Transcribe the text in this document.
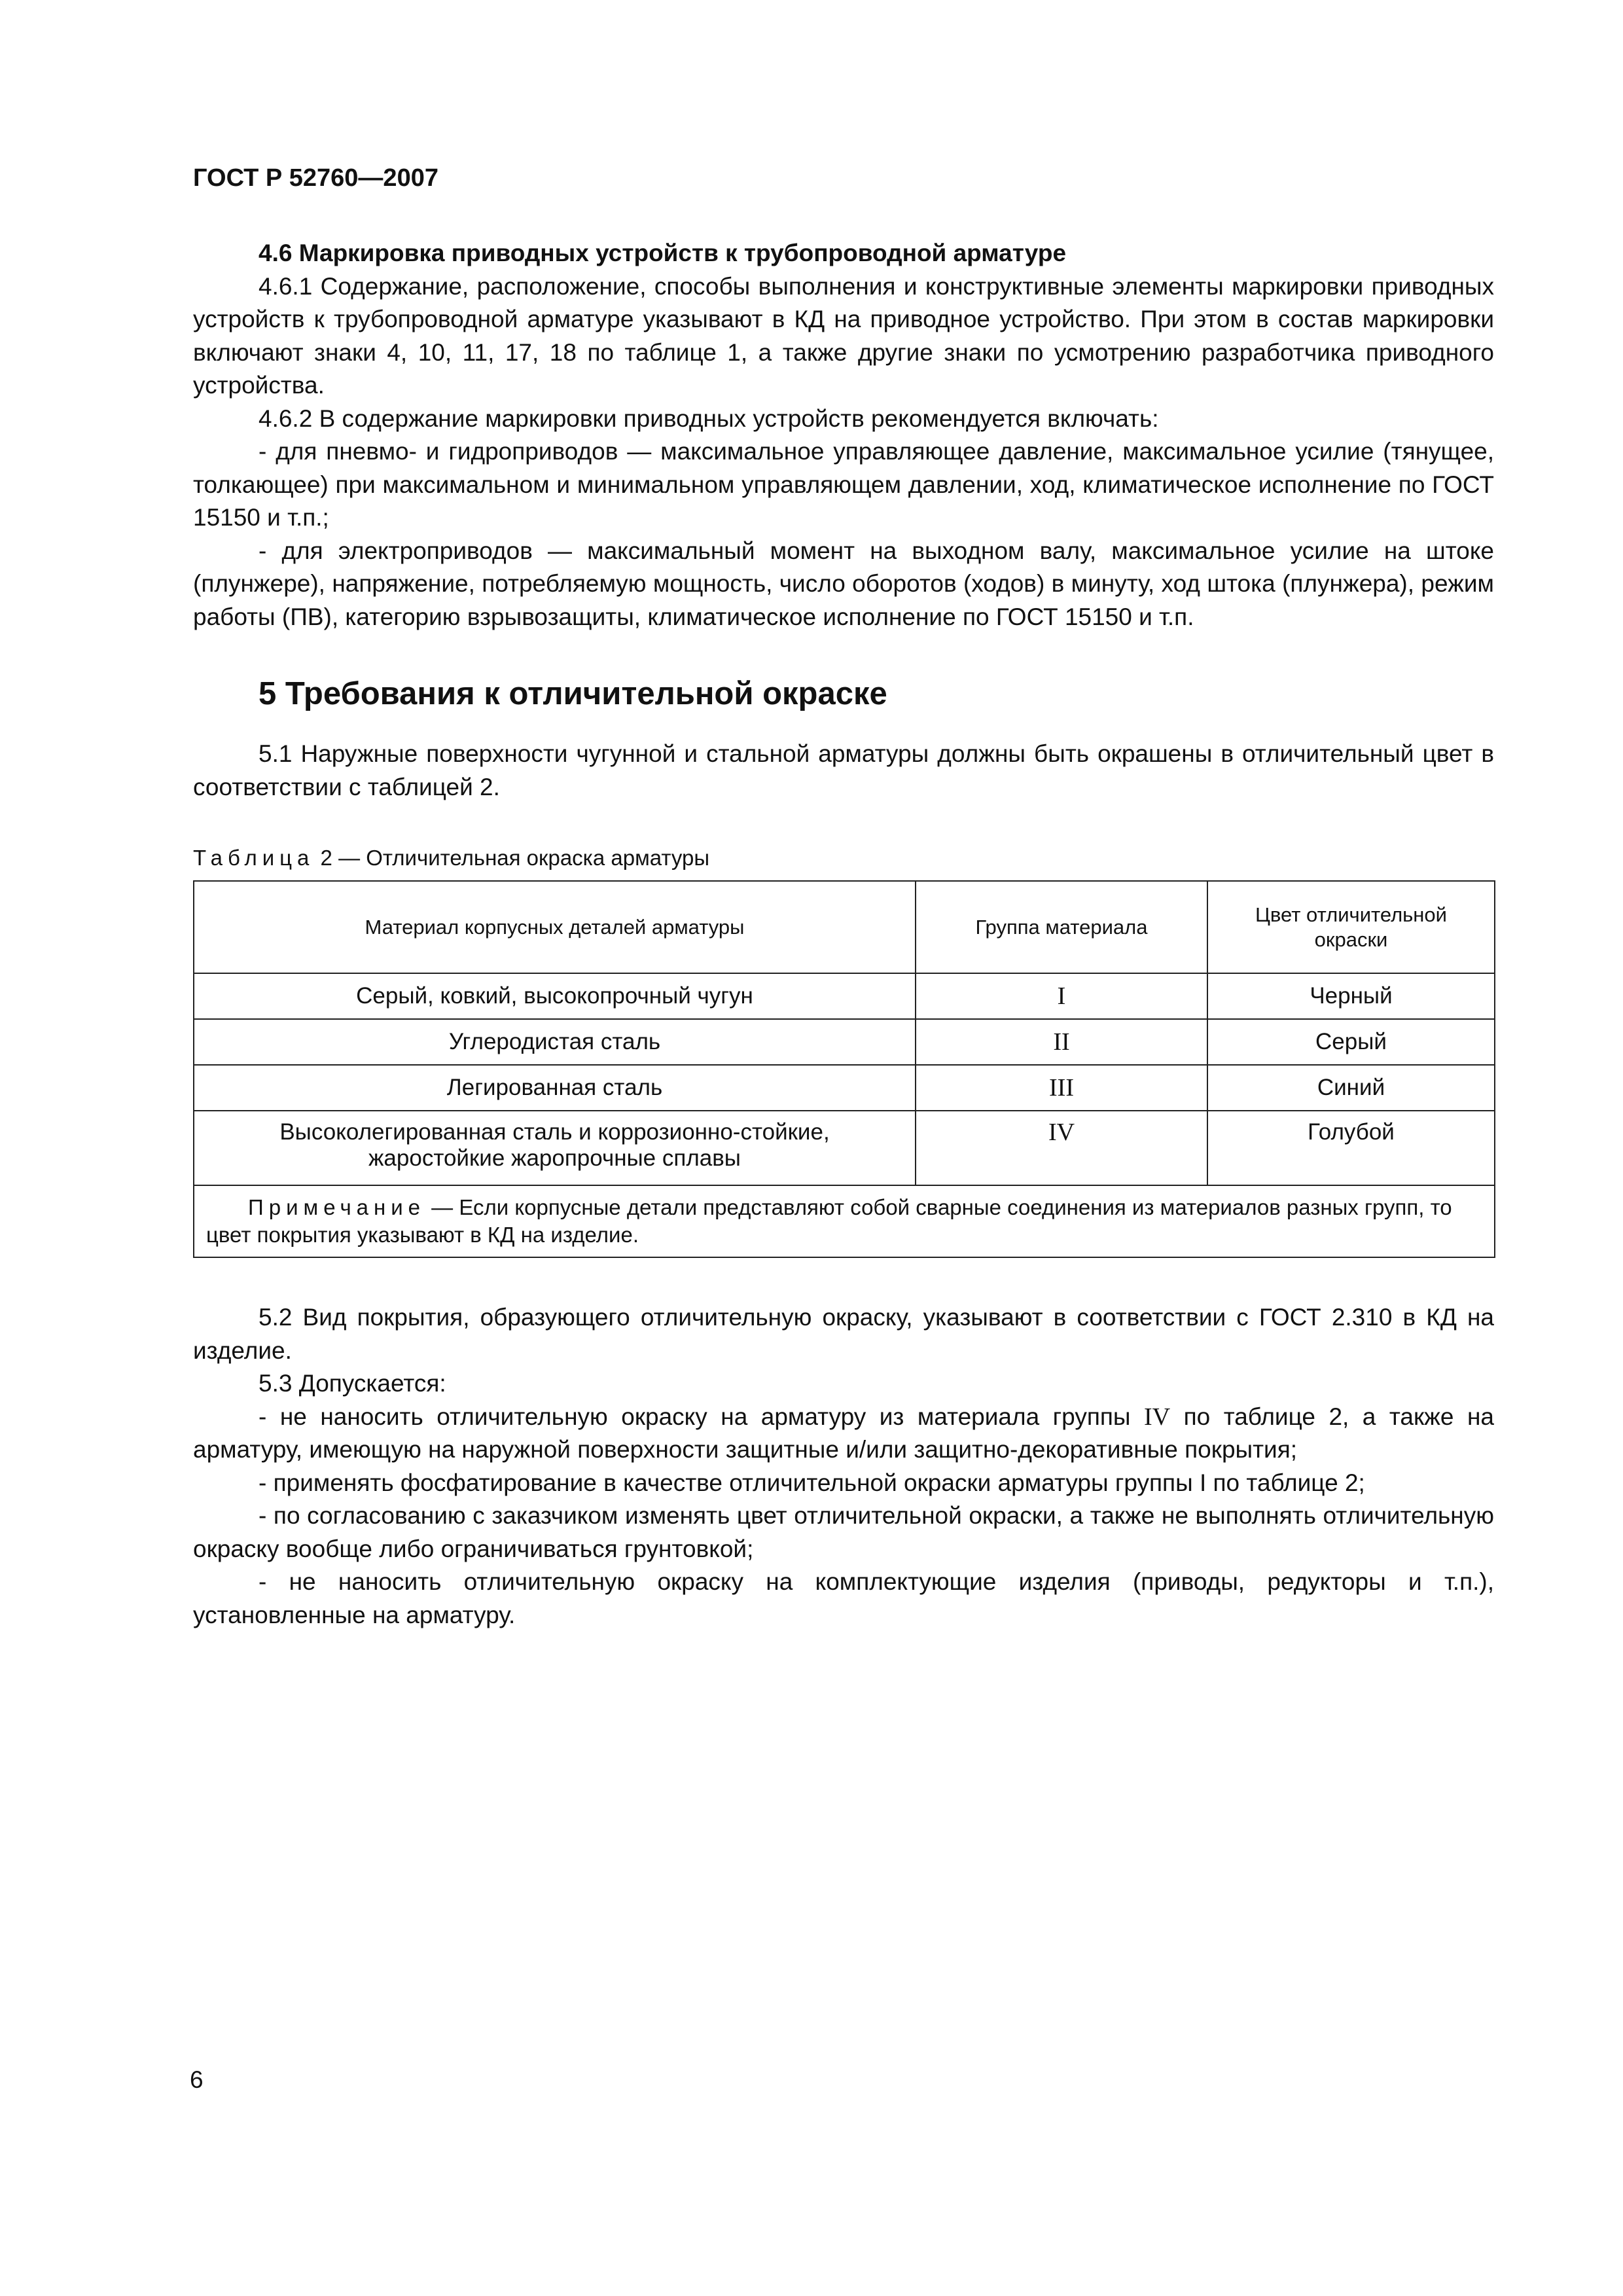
ГОСТ Р 52760—2007

4.6 Маркировка приводных устройств к трубопроводной арматуре

4.6.1 Содержание, расположение, способы выполнения и конструктивные элементы маркировки приводных устройств к трубопроводной арматуре указывают в КД на приводное устройство. При этом в состав маркировки включают знаки 4, 10, 11, 17, 18 по таблице 1, а также другие знаки по усмотрению разработчика приводного устройства.

4.6.2 В содержание маркировки приводных устройств рекомендуется включать:

- для пневмо- и гидроприводов — максимальное управляющее давление, максимальное усилие (тянущее, толкающее) при максимальном и минимальном управляющем давлении, ход, климатическое исполнение по ГОСТ 15150 и т.п.;

- для электроприводов — максимальный момент на выходном валу, максимальное усилие на штоке (плунжере), напряжение, потребляемую мощность, число оборотов (ходов) в минуту, ход штока (плунжера), режим работы (ПВ), категорию взрывозащиты, климатическое исполнение по ГОСТ 15150 и т.п.

5 Требования к отличительной окраске

5.1 Наружные поверхности чугунной и стальной арматуры должны быть окрашены в отличительный цвет в соответствии с таблицей 2.

Таблица 2 — Отличительная окраска арматуры
Материал корпусных деталей арматуры	Группа материала	Цвет отличительной окраски
Серый, ковкий, высокопрочный чугун	I	Черный
Углеродистая сталь	II	Серый
Легированная сталь	III	Синий
Высоколегированная сталь и коррозионно-стойкие,
жаростойкие жаропрочные сплавы	IV	Голубой
Примечание — Если корпусные детали представляют собой сварные соединения из материалов разных групп, то цвет покрытия указывают в КД на изделие.		

5.2 Вид покрытия, образующего отличительную окраску, указывают в соответствии с ГОСТ 2.310 в КД на изделие.

5.3 Допускается:

- не наносить отличительную окраску на арматуру из материала группы IV по таблице 2, а также на арматуру, имеющую на наружной поверхности защитные и/или защитно-декоративные покрытия;

- применять фосфатирование в качестве отличительной окраски арматуры группы I по таблице 2;

- по согласованию с заказчиком изменять цвет отличительной окраски, а также не выполнять отличительную окраску вообще либо ограничиваться грунтовкой;

- не наносить отличительную окраску на комплектующие изделия (приводы, редукторы и т.п.), установленные на арматуру.

6
